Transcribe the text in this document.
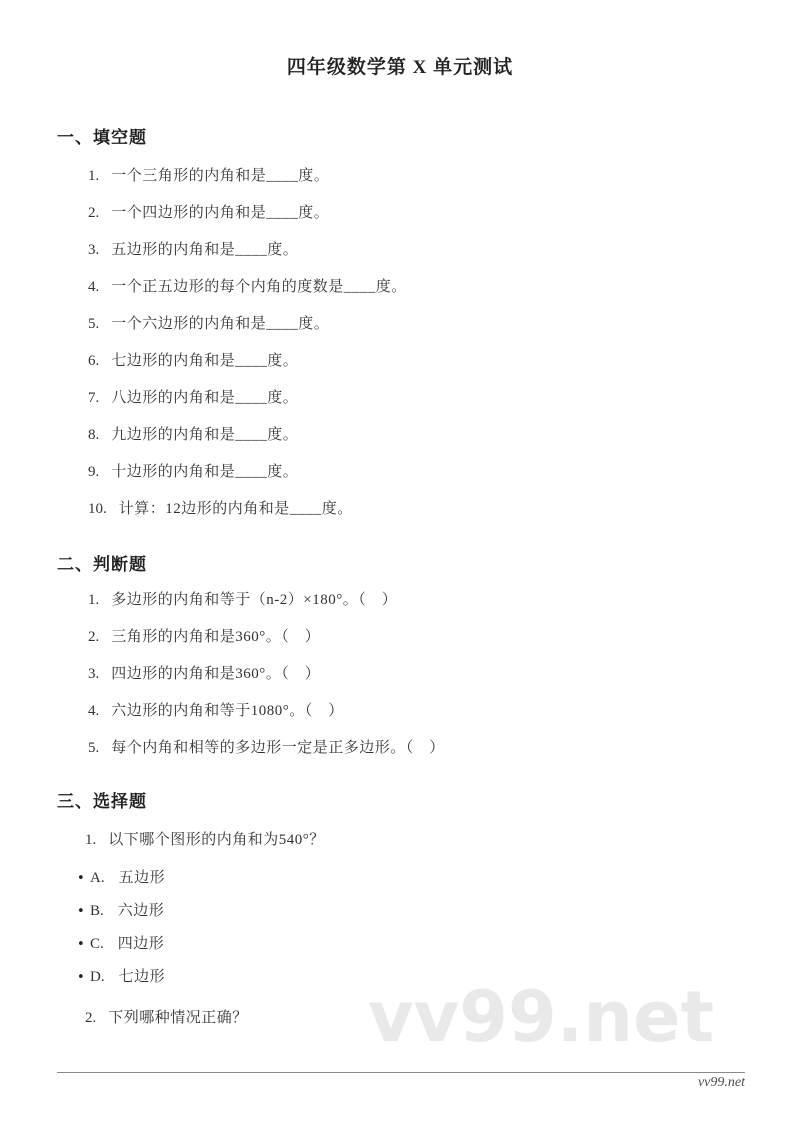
四年级数学第 X 单元测试
一、填空题
1. 一个三角形的内角和是____度。
2. 一个四边形的内角和是____度。
3. 五边形的内角和是____度。
4. 一个正五边形的每个内角的度数是____度。
5. 一个六边形的内角和是____度。
6. 七边形的内角和是____度。
7. 八边形的内角和是____度。
8. 九边形的内角和是____度。
9. 十边形的内角和是____度。
10. 计算：12边形的内角和是____度。
二、判断题
1. 多边形的内角和等于（n-2）×180°。（　）
2. 三角形的内角和是360°。（　）
3. 四边形的内角和是360°。（　）
4. 六边形的内角和等于1080°。（　）
5. 每个内角和相等的多边形一定是正多边形。（　）
三、选择题
1. 以下哪个图形的内角和为540°？
•
A. 五边形
•
B. 六边形
•
C. 四边形
•
D. 七边形
2. 下列哪种情况正确？ vv99.net
vv99.net
